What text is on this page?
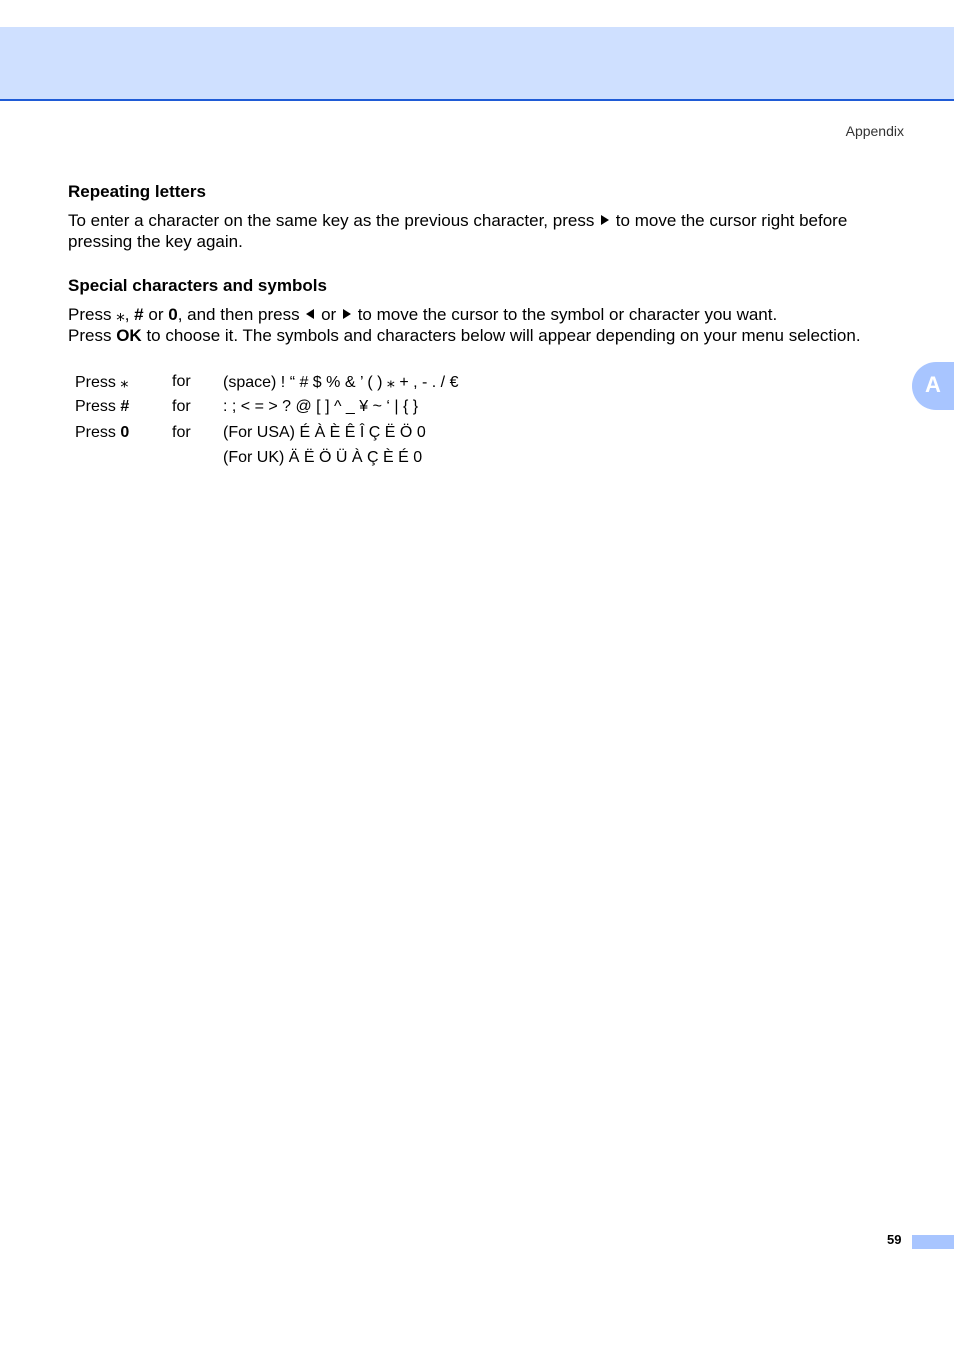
Appendix
A
Repeating letters

To enter a character on the same key as the previous character, press to move the cursor right before pressing the key again.

Special characters and symbols

Press ⁎, # or 0, and then press or to move the cursor to the symbol or character you want.
Press OK to choose it. The symbols and characters below will appear depending on your menu selection.

Press ⁎	for	(space) ! “ # $ % & ’ ( ) ⁎ + , - . / €
Press #	for	: ; < = > ? @ [ ] ^ _ ¥ ~ ‘ | { }
Press 0	for	(For USA) É À È Ê Î Ç Ë Ö 0
		(For UK) Ä Ë Ö Ü À Ç È É 0
59
